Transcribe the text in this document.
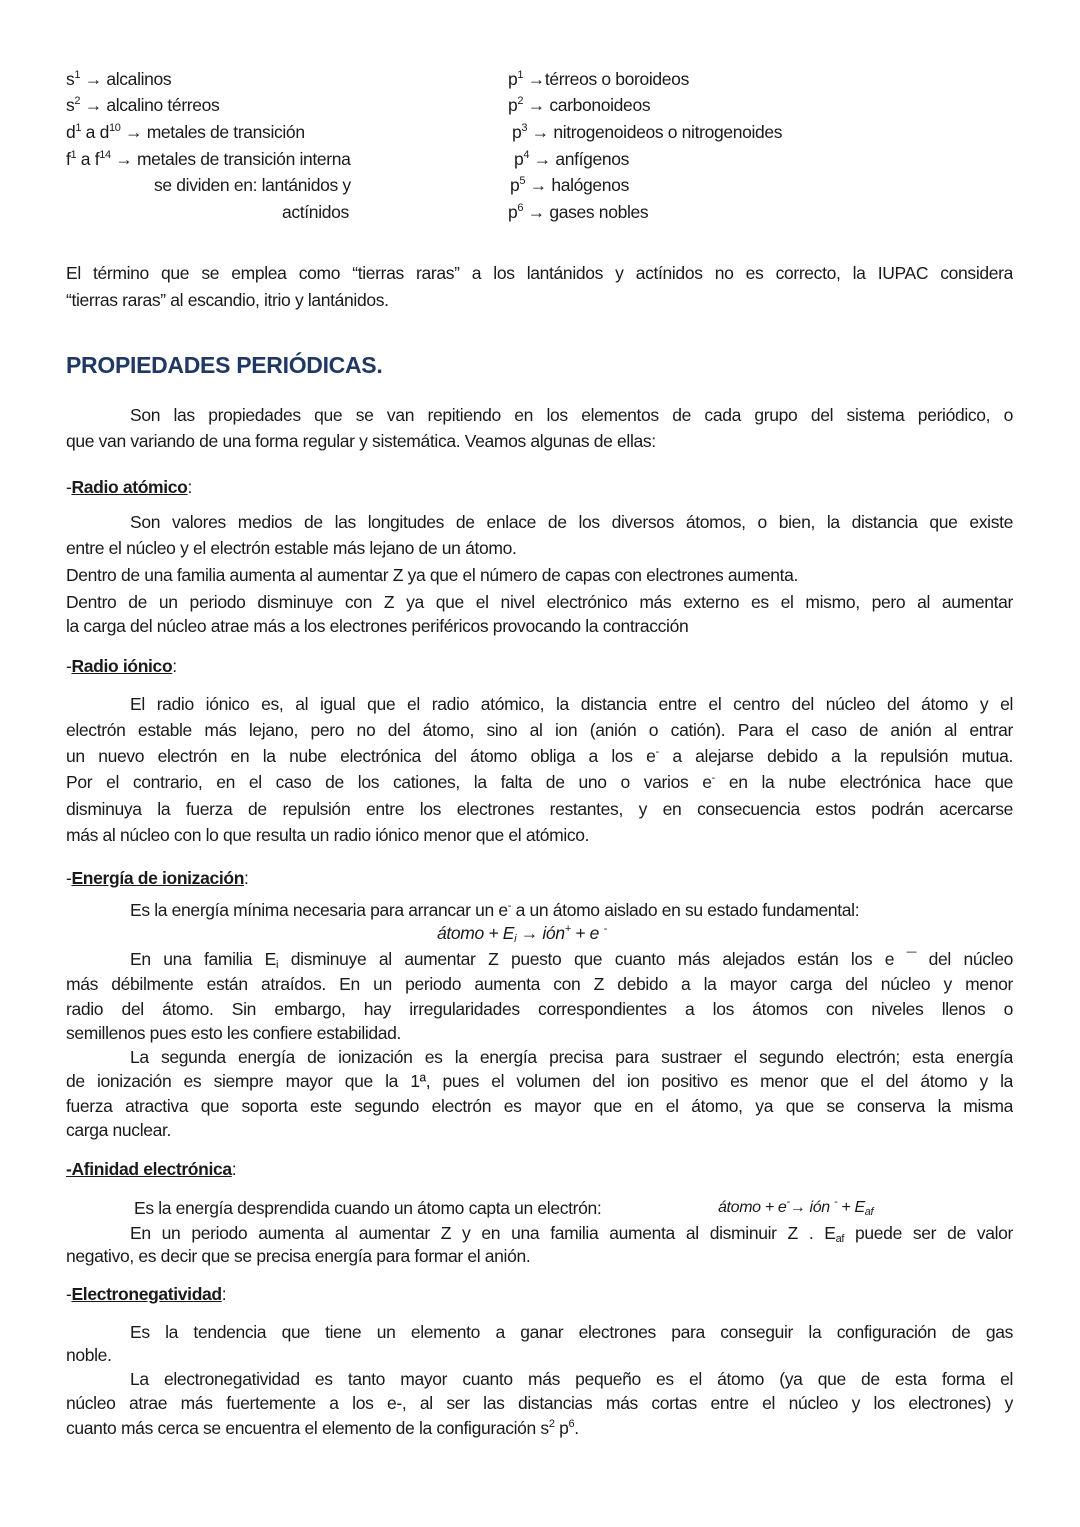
se dividen en: lantánidos y
actínidos
El término que se emplea como “tierras raras” a los lantánidos y actínidos no es correcto, la IUPAC considera
“tierras raras” al escandio, itrio y lantánidos.
PROPIEDADES PERIÓDICAS.
Son las propiedades que se van repitiendo en los elementos de cada grupo del sistema periódico, o
que van variando de una forma regular y sistemática. Veamos algunas de ellas:
-Radio atómico:
Son valores medios de las longitudes de enlace de los diversos átomos, o bien, la distancia que existe
entre el núcleo y el electrón estable más lejano de un átomo.
Dentro de una familia aumenta al aumentar Z ya que el número de capas con electrones aumenta.
Dentro de un periodo disminuye con Z ya que el nivel electrónico más externo es el mismo, pero al aumentar
la carga del núcleo atrae más a los electrones periféricos provocando la contracción
-Radio iónico:
El radio iónico es, al igual que el radio atómico, la distancia entre el centro del núcleo del átomo y el
electrón estable más lejano, pero no del átomo, sino al ion (anión o catión). Para el caso de anión al entrar
un nuevo electrón en la nube electrónica del átomo obliga a los e- a alejarse debido a la repulsión mutua.
Por el contrario, en el caso de los cationes, la falta de uno o varios e- en la nube electrónica hace que
disminuya la fuerza de repulsión entre los electrones restantes, y en consecuencia estos podrán acercarse
más al núcleo con lo que resulta un radio iónico menor que el atómico.
-Energía de ionización:
Es la energía mínima necesaria para arrancar un e- a un átomo aislado en su estado fundamental:
átomo + $E_i$ → ión+ + e -
En una familia $E_i$ disminuye al aumentar Z puesto que cuanto más alejados están los e ¯ del núcleo
más débilmente están atraídos. En un periodo aumenta con Z debido a la mayor carga del núcleo y menor
radio del átomo. Sin embargo, hay irregularidades correspondientes a los átomos con niveles llenos o
semillenos pues esto les confiere estabilidad.
La segunda energía de ionización es la energía precisa para sustraer el segundo electrón; esta energía
de ionización es siempre mayor que la 1ª, pues el volumen del ion positivo es menor que el del átomo y la
fuerza atractiva que soporta este segundo electrón es mayor que en el átomo, ya que se conserva la misma
carga nuclear.
-Afinidad electrónica:
Es la energía desprendida cuando un átomo capta un electrón:	átomo + e-→ ión $^- + E_{af}$
En un periodo aumenta al aumentar Z y en una familia aumenta al disminuir Z . $E_{af}$ puede ser de valor
negativo, es decir que se precisa energía para formar el anión.
-Electronegatividad:
Es la tendencia que tiene un elemento a ganar electrones para conseguir la configuración de gas
noble.
La electronegatividad es tanto mayor cuanto más pequeño es el átomo (ya que de esta forma el
núcleo atrae más fuertemente a los e-, al ser las distancias más cortas entre el núcleo y los electrones) y
cuanto más cerca se encuentra el elemento de la configuración $s^2$ $p^6$.
$s^1$ → alcalinos
$s^2$ → alcalino térreos
$d^1$ a $d^{10}$ → metales de transición
$f^1$ a $f^{14}$ → metales de transición interna
$p^1$ →térreos o boroideos
$p^2$ → carbonoideos
$p^3$ → nitrogenoideos o nitrogenoides
$p^4$ → anfígenos
$p^5$ → halógenos
$p^6$ → gases nobles
